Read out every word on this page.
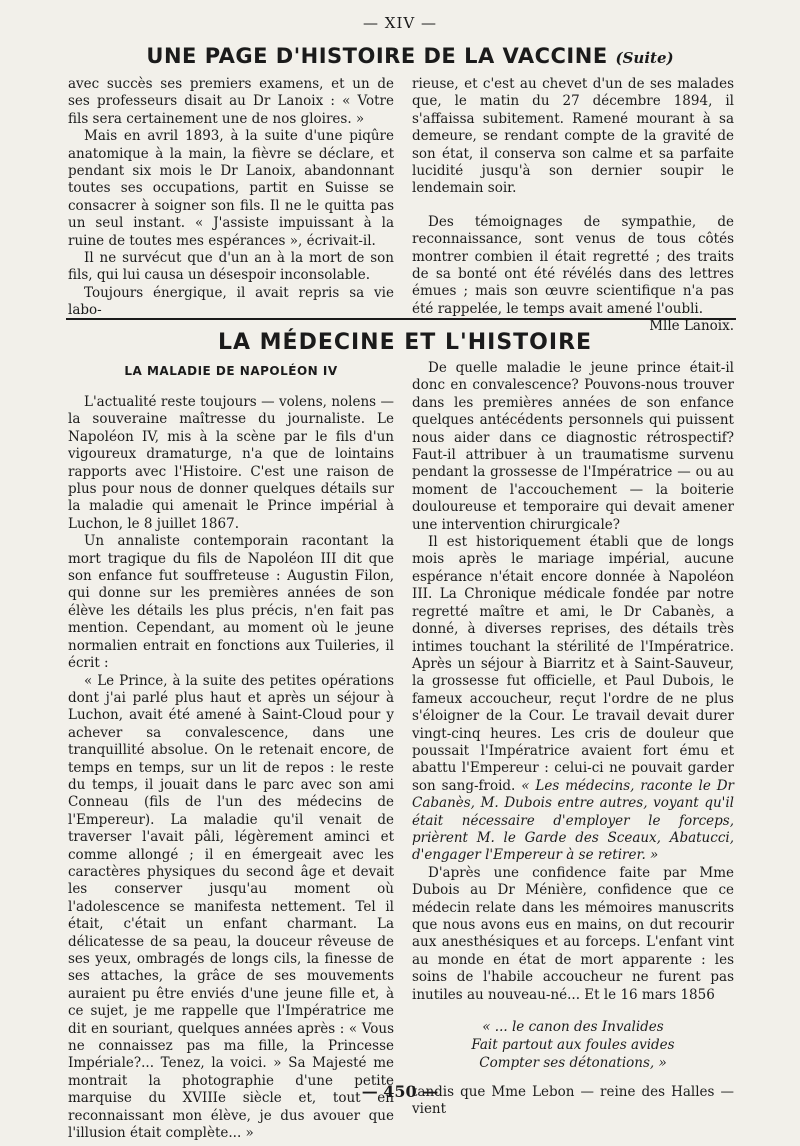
— XIV —
UNE PAGE D'HISTOIRE DE LA VACCINE (Suite)

avec succès ses premiers examens, et un de ses professeurs disait au Dr Lanoix : « Votre fils sera certainement une de nos gloires. »

Mais en avril 1893, à la suite d'une piqûre anatomique à la main, la fièvre se déclare, et pendant six mois le Dr Lanoix, abandonnant toutes ses occupations, partit en Suisse se consacrer à soigner son fils. Il ne le quitta pas un seul instant. « J'assiste impuissant à la ruine de toutes mes espérances », écrivait-il.

Il ne survécut que d'un an à la mort de son fils, qui lui causa un désespoir inconsolable.

Toujours énergique, il avait repris sa vie labo-

rieuse, et c'est au chevet d'un de ses malades que, le matin du 27 décembre 1894, il s'affaissa subitement. Ramené mourant à sa demeure, se rendant compte de la gravité de son état, il conserva son calme et sa parfaite lucidité jusqu'à son dernier soupir le lendemain soir.

Des témoignages de sympathie, de reconnaissance, sont venus de tous côtés montrer combien il était regretté ; des traits de sa bonté ont été révélés dans des lettres émues ; mais son œuvre scientifique n'a pas été rappelée, le temps avait amené l'oubli.

Mlle Lanoix.
LA MÉDECINE ET L'HISTOIRE
LA MALADIE DE NAPOLÉON IV

L'actualité reste toujours — volens, nolens — la souveraine maîtresse du journaliste. Le Napoléon IV, mis à la scène par le fils d'un vigoureux dramaturge, n'a que de lointains rapports avec l'Histoire. C'est une raison de plus pour nous de donner quelques détails sur la maladie qui amenait le Prince impérial à Luchon, le 8 juillet 1867.

Un annaliste contemporain racontant la mort tragique du fils de Napoléon III dit que son enfance fut souffreteuse : Augustin Filon, qui donne sur les premières années de son élève les détails les plus précis, n'en fait pas mention. Cependant, au moment où le jeune normalien entrait en fonctions aux Tuileries, il écrit :

« Le Prince, à la suite des petites opérations dont j'ai parlé plus haut et après un séjour à Luchon, avait été amené à Saint-Cloud pour y achever sa convalescence, dans une tranquillité absolue. On le retenait encore, de temps en temps, sur un lit de repos : le reste du temps, il jouait dans le parc avec son ami Conneau (fils de l'un des médecins de l'Empereur). La maladie qu'il venait de traverser l'avait pâli, légèrement aminci et comme allongé ; il en émergeait avec les caractères physiques du second âge et devait les conserver jusqu'au moment où l'adolescence se manifesta nettement. Tel il était, c'était un enfant charmant. La délicatesse de sa peau, la douceur rêveuse de ses yeux, ombragés de longs cils, la finesse de ses attaches, la grâce de ses mouvements auraient pu être enviés d'une jeune fille et, à ce sujet, je me rappelle que l'Impératrice me dit en souriant, quelques années après : « Vous ne connaissez pas ma fille, la Princesse Impériale?... Tenez, la voici. » Sa Majesté me montrait la photographie d'une petite marquise du XVIIIe siècle et, tout en reconnaissant mon élève, je dus avouer que l'illusion était complète... »

De quelle maladie le jeune prince était-il donc en convalescence? Pouvons-nous trouver dans les premières années de son enfance quelques antécédents personnels qui puissent nous aider dans ce diagnostic rétrospectif? Faut-il attribuer à un traumatisme survenu pendant la grossesse de l'Impératrice — ou au moment de l'accouchement — la boiterie douloureuse et temporaire qui devait amener une intervention chirurgicale?

Il est historiquement établi que de longs mois après le mariage impérial, aucune espérance n'était encore donnée à Napoléon III. La Chronique médicale fondée par notre regretté maître et ami, le Dr Cabanès, a donné, à diverses reprises, des détails très intimes touchant la stérilité de l'Impératrice. Après un séjour à Biarritz et à Saint-Sauveur, la grossesse fut officielle, et Paul Dubois, le fameux accoucheur, reçut l'ordre de ne plus s'éloigner de la Cour. Le travail devait durer vingt-cinq heures. Les cris de douleur que poussait l'Impératrice avaient fort ému et abattu l'Empereur : celui-ci ne pouvait garder son sang-froid. « Les médecins, raconte le Dr Cabanès, M. Dubois entre autres, voyant qu'il était nécessaire d'employer le forceps, prièrent M. le Garde des Sceaux, Abatucci, d'engager l'Empereur à se retirer. »

D'après une confidence faite par Mme Dubois au Dr Ménière, confidence que ce médecin relate dans les mémoires manuscrits que nous avons eus en mains, on dut recourir aux anesthésiques et au forceps. L'enfant vint au monde en état de mort apparente : les soins de l'habile accoucheur ne furent pas inutiles au nouveau-né... Et le 16 mars 1856

« ... le canon des Invalides
Fait partout aux foules avides
Compter ses détonations, »

tandis que Mme Lebon — reine des Halles — vient

— 450 —
